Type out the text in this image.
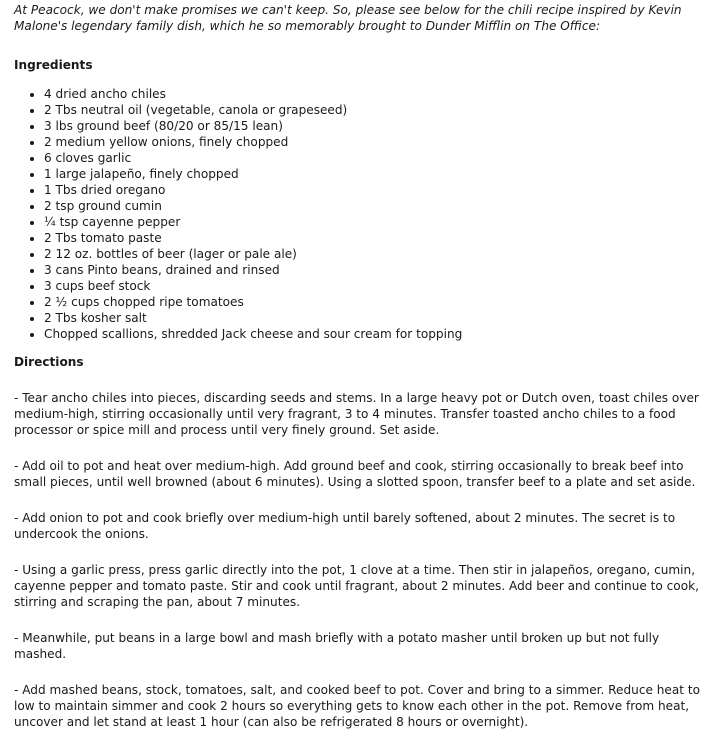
At Peacock, we don't make promises we can't keep. So, please see below for the chili recipe inspired by Kevin Malone's legendary family dish, which he so memorably brought to Dunder Mifflin on The Office:

Ingredients

• 4 dried ancho chiles
• 2 Tbs neutral oil (vegetable, canola or grapeseed)
• 3 lbs ground beef (80/20 or 85/15 lean)
• 2 medium yellow onions, finely chopped
• 6 cloves garlic
• 1 large jalapeño, finely chopped
• 1 Tbs dried oregano
• 2 tsp ground cumin
• ¼ tsp cayenne pepper
• 2 Tbs tomato paste
• 2 12 oz. bottles of beer (lager or pale ale)
• 3 cans Pinto beans, drained and rinsed
• 3 cups beef stock
• 2 ½ cups chopped ripe tomatoes
• 2 Tbs kosher salt
• Chopped scallions, shredded Jack cheese and sour cream for topping

Directions

- Tear ancho chiles into pieces, discarding seeds and stems. In a large heavy pot or Dutch oven, toast chiles over medium-high, stirring occasionally until very fragrant, 3 to 4 minutes. Transfer toasted ancho chiles to a food processor or spice mill and process until very finely ground. Set aside.

- Add oil to pot and heat over medium-high. Add ground beef and cook, stirring occasionally to break beef into small pieces, until well browned (about 6 minutes). Using a slotted spoon, transfer beef to a plate and set aside.

- Add onion to pot and cook briefly over medium-high until barely softened, about 2 minutes. The secret is to undercook the onions.

- Using a garlic press, press garlic directly into the pot, 1 clove at a time. Then stir in jalapeños, oregano, cumin, cayenne pepper and tomato paste. Stir and cook until fragrant, about 2 minutes. Add beer and continue to cook, stirring and scraping the pan, about 7 minutes.

- Meanwhile, put beans in a large bowl and mash briefly with a potato masher until broken up but not fully mashed.

- Add mashed beans, stock, tomatoes, salt, and cooked beef to pot. Cover and bring to a simmer. Reduce heat to low to maintain simmer and cook 2 hours so everything gets to know each other in the pot. Remove from heat, uncover and let stand at least 1 hour (can also be refrigerated 8 hours or overnight).
